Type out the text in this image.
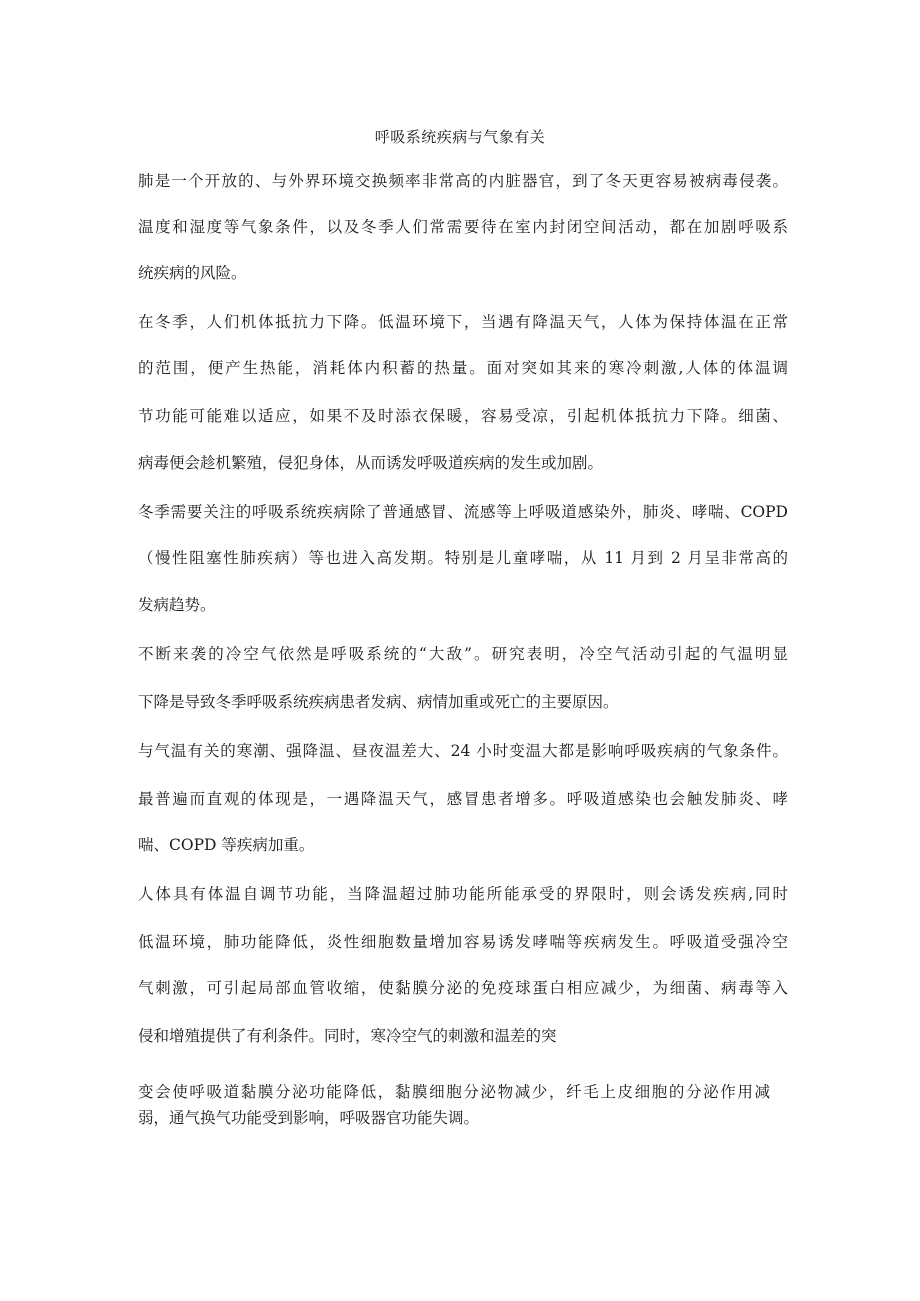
呼吸系统疾病与气象有关
肺是一个开放的、与外界环境交换频率非常高的内脏器官，到了冬天更容易被病毒侵袭。
温度和湿度等气象条件，以及冬季人们常需要待在室内封闭空间活动，都在加剧呼吸系
统疾病的风险。
在冬季，人们机体抵抗力下降。低温环境下，当遇有降温天气，人体为保持体温在正常
的范围，便产生热能，消耗体内积蓄的热量。面对突如其来的寒冷刺激,人体的体温调
节功能可能难以适应，如果不及时添衣保暖，容易受凉，引起机体抵抗力下降。细菌、
病毒便会趁机繁殖，侵犯身体，从而诱发呼吸道疾病的发生或加剧。
冬季需要关注的呼吸系统疾病除了普通感冒、流感等上呼吸道感染外，肺炎、哮喘、COPD
（慢性阻塞性肺疾病）等也进入高发期。特别是儿童哮喘，从 11 月到 2 月呈非常高的
发病趋势。
不断来袭的冷空气依然是呼吸系统的“大敌”。研究表明，冷空气活动引起的气温明显
下降是导致冬季呼吸系统疾病患者发病、病情加重或死亡的主要原因。
与气温有关的寒潮、强降温、昼夜温差大、24 小时变温大都是影响呼吸疾病的气象条件。
最普遍而直观的体现是，一遇降温天气，感冒患者增多。呼吸道感染也会触发肺炎、哮
喘、COPD 等疾病加重。
人体具有体温自调节功能，当降温超过肺功能所能承受的界限时，则会诱发疾病,同时
低温环境，肺功能降低，炎性细胞数量增加容易诱发哮喘等疾病发生。呼吸道受强冷空
气刺激，可引起局部血管收缩，使黏膜分泌的免疫球蛋白相应减少，为细菌、病毒等入
侵和增殖提供了有利条件。同时，寒冷空气的刺激和温差的突
变会使呼吸道黏膜分泌功能降低，黏膜细胞分泌物减少，纤毛上皮细胞的分泌作用减
弱，通气换气功能受到影响，呼吸器官功能失调。
